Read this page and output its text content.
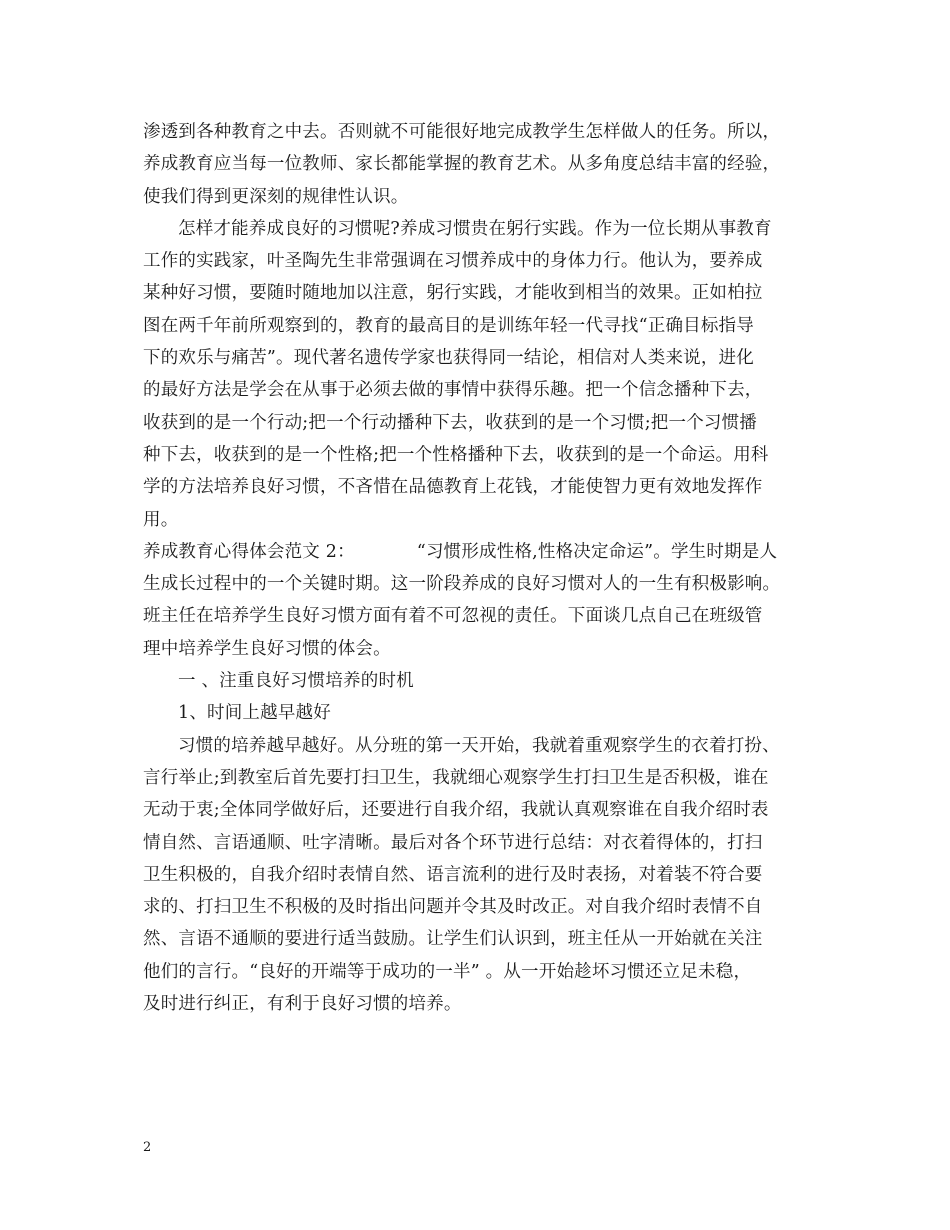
渗透到各种教育之中去。否则就不可能很好地完成教学生怎样做人的任务。所以，
养成教育应当每一位教师、家长都能掌握的教育艺术。从多角度总结丰富的经验，
使我们得到更深刻的规律性认识。
怎样才能养成良好的习惯呢?养成习惯贵在躬行实践。作为一位长期从事教育
工作的实践家，叶圣陶先生非常强调在习惯养成中的身体力行。他认为，要养成
某种好习惯，要随时随地加以注意，躬行实践，才能收到相当的效果。正如柏拉
图在两千年前所观察到的，教育的最高目的是训练年轻一代寻找“正确目标指导
下的欢乐与痛苦”。现代著名遗传学家也获得同一结论，相信对人类来说，进化
的最好方法是学会在从事于必须去做的事情中获得乐趣。把一个信念播种下去，
收获到的是一个行动;把一个行动播种下去，收获到的是一个习惯;把一个习惯播
种下去，收获到的是一个性格;把一个性格播种下去，收获到的是一个命运。用科
学的方法培养良好习惯，不吝惜在品德教育上花钱，才能使智力更有效地发挥作
用。
养成教育心得体会范文 2：	“习惯形成性格,性格决定命运”。学生时期是人
生成长过程中的一个关键时期。这一阶段养成的良好习惯对人的一生有积极影响。
班主任在培养学生良好习惯方面有着不可忽视的责任。下面谈几点自己在班级管
理中培养学生良好习惯的体会。
一 、注重良好习惯培养的时机
1、时间上越早越好
习惯的培养越早越好。从分班的第一天开始，我就着重观察学生的衣着打扮、
言行举止;到教室后首先要打扫卫生，我就细心观察学生打扫卫生是否积极，谁在
无动于衷;全体同学做好后，还要进行自我介绍，我就认真观察谁在自我介绍时表
情自然、言语通顺、吐字清晰。最后对各个环节进行总结：对衣着得体的，打扫
卫生积极的，自我介绍时表情自然、语言流利的进行及时表扬，对着装不符合要
求的、打扫卫生不积极的及时指出问题并令其及时改正。对自我介绍时表情不自
然、言语不通顺的要进行适当鼓励。让学生们认识到，班主任从一开始就在关注
他们的言行。“良好的开端等于成功的一半” 。从一开始趁坏习惯还立足未稳，
及时进行纠正，有利于良好习惯的培养。
2
